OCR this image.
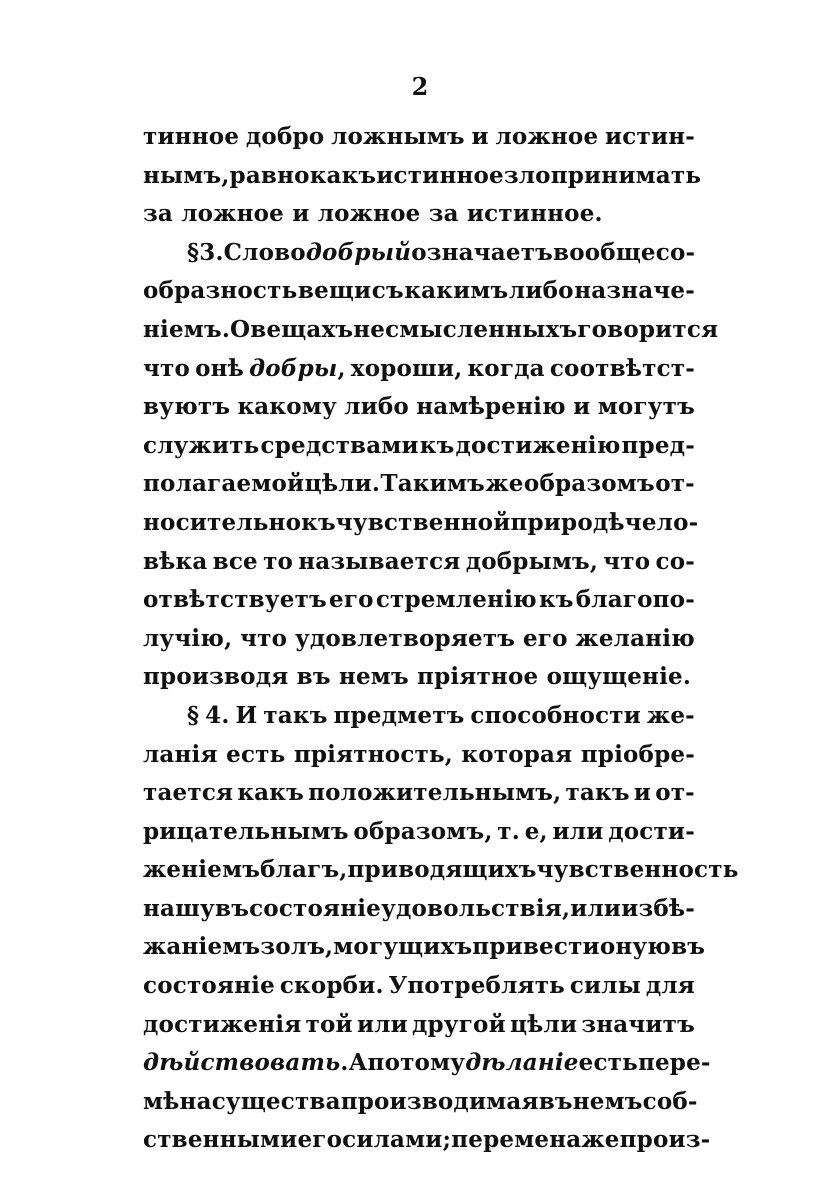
2
тинное добро ложнымъ и ложное истин-
нымъ, равно какъ истинное зло принимать
за
ложное
и
ложное
за
истинное.
§ 3. Слово добрый означаетъ вообще со-
образность вещи съ какимъ либо назначе-
ніемъ. О вещахъ несмысленныхъ говорится
что онѣ добры, хороши, когда соотвѣтст-
вуютъ какому либо намѣренію и могутъ
служить средствами къ достиженію пред-
полагаемой цѣли. Такимъ же образомъ от-
носительно къ чувственной природѣ чело-
вѣка все то называется добрымъ, что со-
отвѣтствуетъ его стремленію къ благопо-
лучію, что удовлетворяетъ его желанію
производя
въ
немъ
пріятное
ощущеніе.
§ 4. И такъ предметъ способности же-
ланія есть пріятность, которая пріобре-
тается какъ положительнымъ, такъ и от-
рицательнымъ образомъ, т. е, или дости-
женіемъ благъ, приводящихъ чувственность
нашу въ состояніе удовольствія, или избѣ-
жаніемъ золъ, могущихъ привести оную въ
состояніе скорби. Употреблять силы для
достиженія той или другой цѣли значитъ
дѣйствовать. А потому дѣланіе есть пере-
мѣна существа производимая въ немъ соб-
ственными его силами; перемена же произ-
